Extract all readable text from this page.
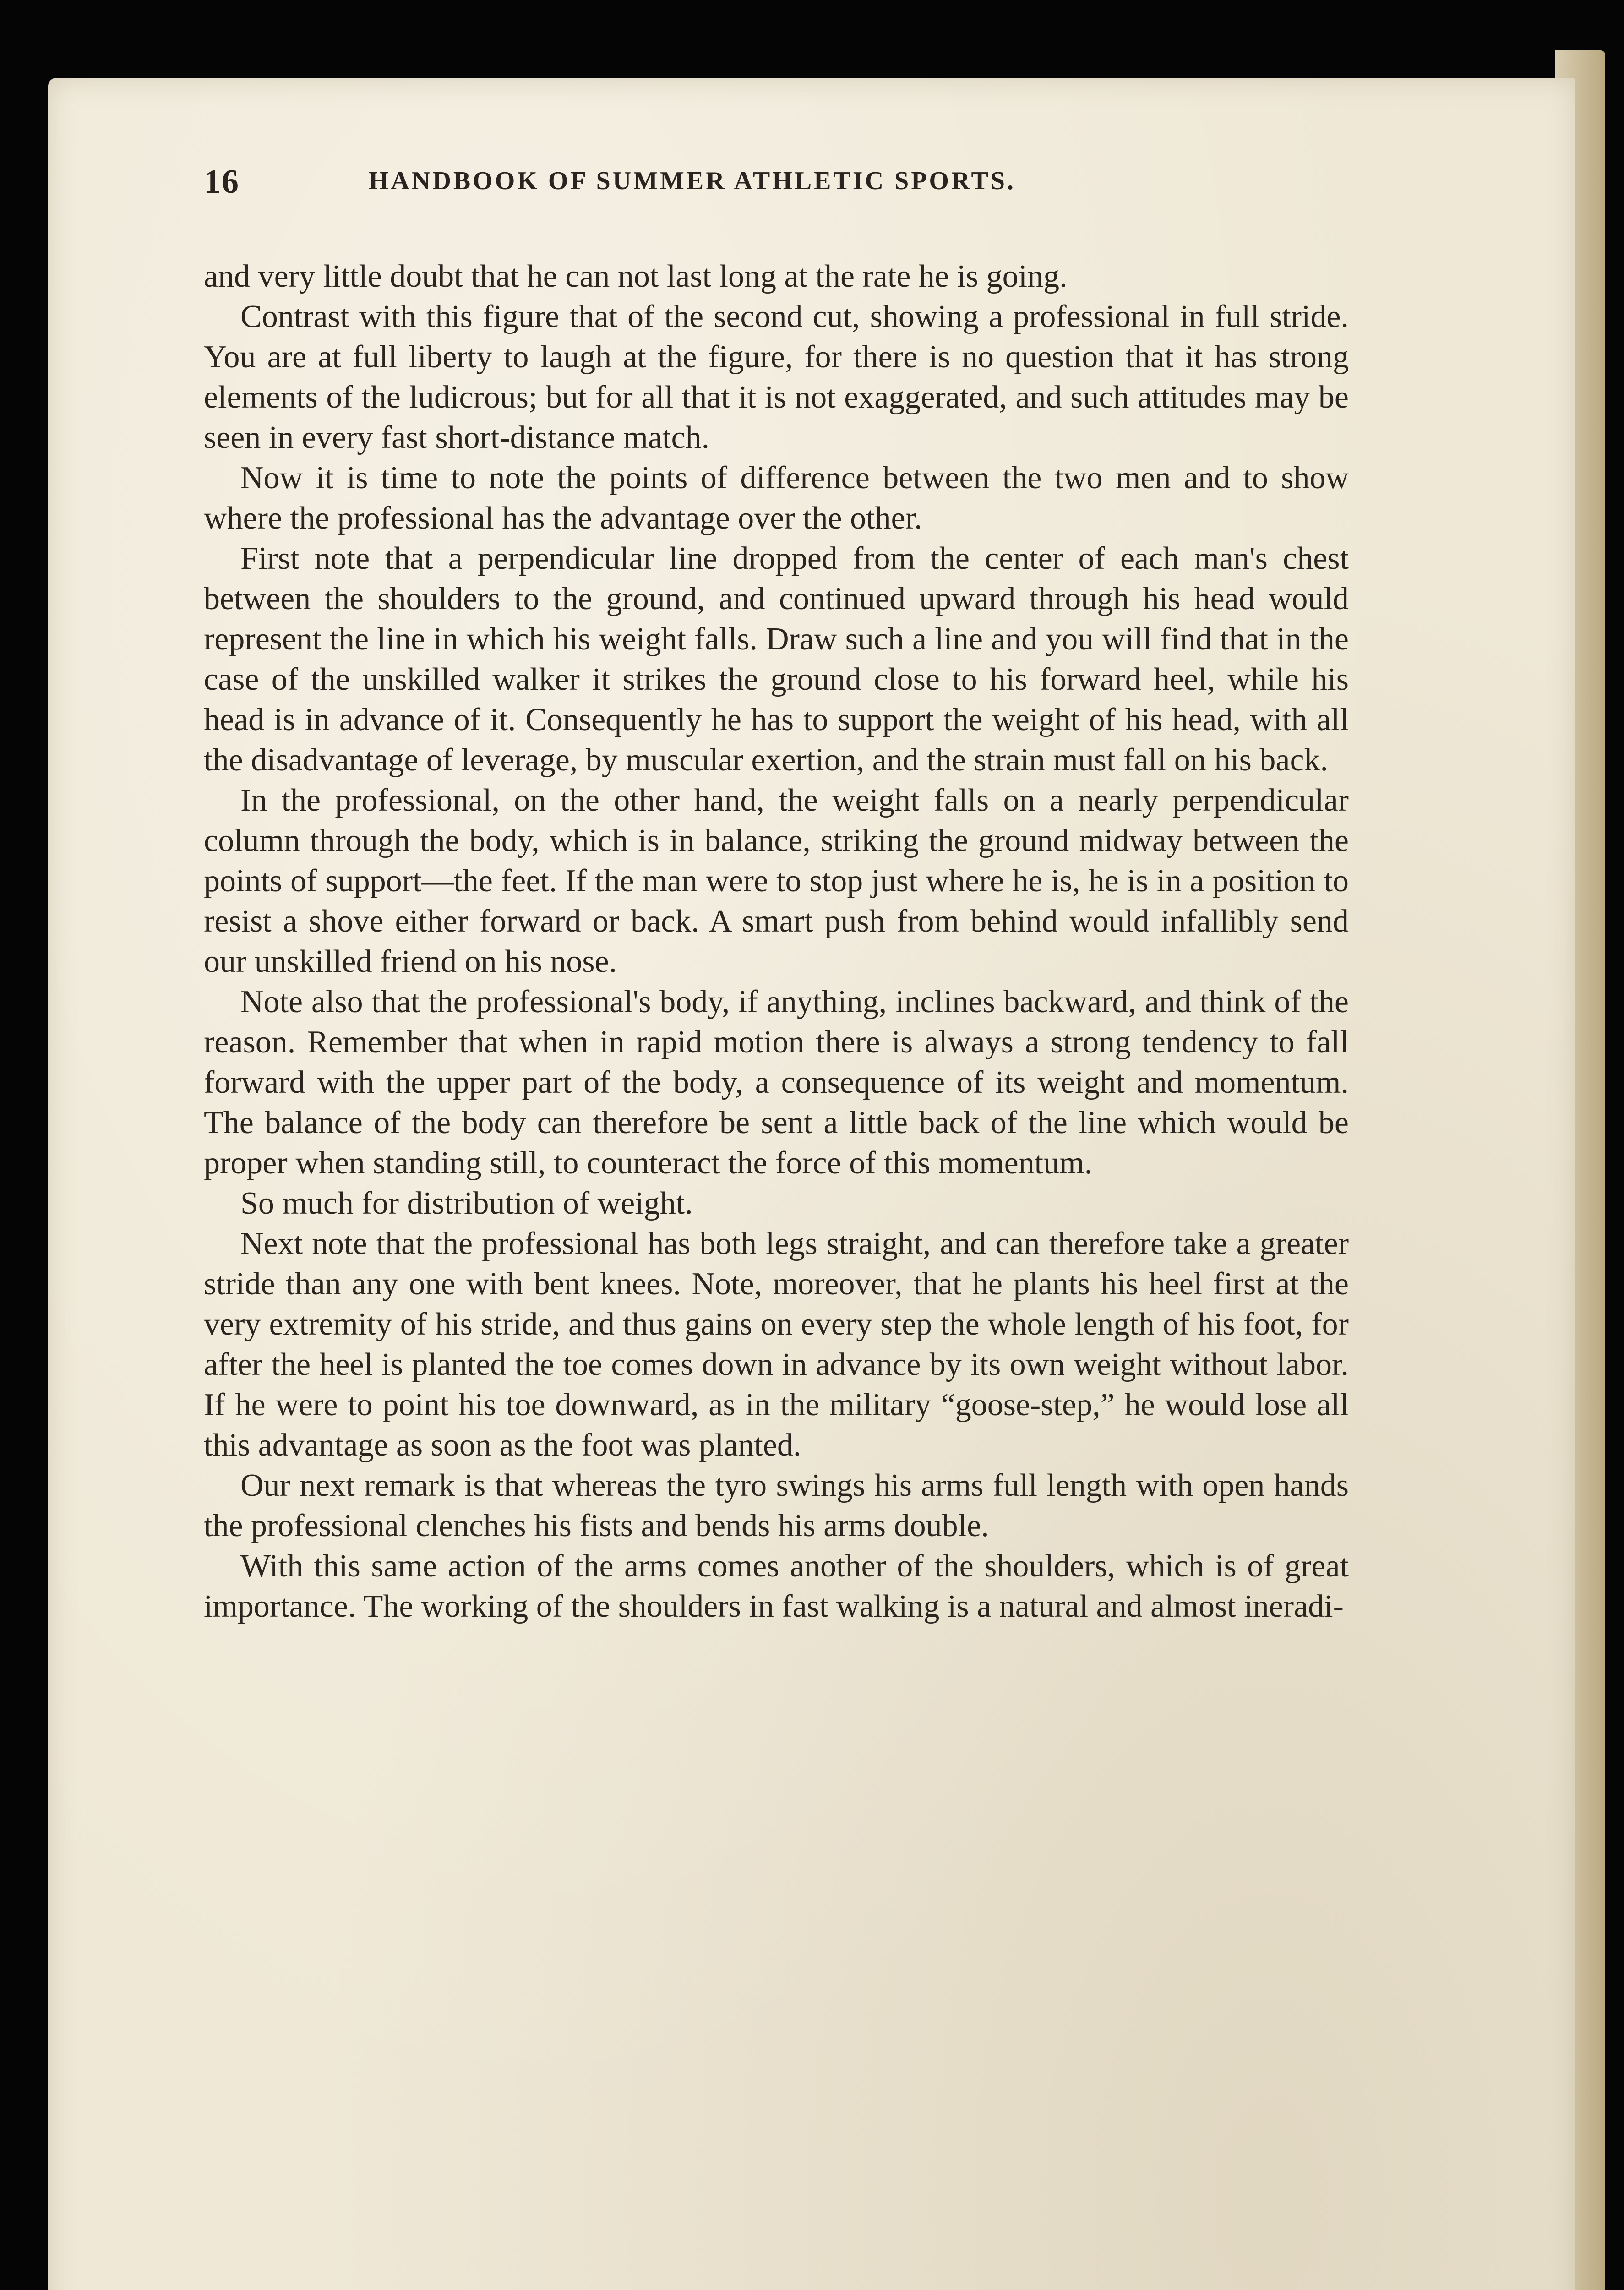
16	HANDBOOK OF SUMMER ATHLETIC SPORTS.

and very little doubt that he can not last long at the rate he is going.

Contrast with this figure that of the second cut, showing a professional in full stride. You are at full liberty to laugh at the figure, for there is no question that it has strong elements of the ludicrous; but for all that it is not exaggerated, and such attitudes may be seen in every fast short-distance match.

Now it is time to note the points of difference between the two men and to show where the professional has the advantage over the other.

First note that a perpendicular line dropped from the center of each man's chest between the shoulders to the ground, and continued upward through his head would represent the line in which his weight falls. Draw such a line and you will find that in the case of the unskilled walker it strikes the ground close to his forward heel, while his head is in advance of it. Consequently he has to support the weight of his head, with all the disadvantage of leverage, by muscular exertion, and the strain must fall on his back.

In the professional, on the other hand, the weight falls on a nearly perpendicular column through the body, which is in balance, striking the ground midway between the points of support—the feet. If the man were to stop just where he is, he is in a position to resist a shove either forward or back. A smart push from behind would infallibly send our unskilled friend on his nose.

Note also that the professional's body, if anything, inclines backward, and think of the reason. Remember that when in rapid motion there is always a strong tendency to fall forward with the upper part of the body, a consequence of its weight and momentum. The balance of the body can therefore be sent a little back of the line which would be proper when standing still, to counteract the force of this momentum.

So much for distribution of weight.

Next note that the professional has both legs straight, and can therefore take a greater stride than any one with bent knees. Note, moreover, that he plants his heel first at the very extremity of his stride, and thus gains on every step the whole length of his foot, for after the heel is planted the toe comes down in advance by its own weight without labor. If he were to point his toe downward, as in the military “goose-step,” he would lose all this advantage as soon as the foot was planted.

Our next remark is that whereas the tyro swings his arms full length with open hands the professional clenches his fists and bends his arms double.

With this same action of the arms comes another of the shoulders, which is of great importance. The working of the shoulders in fast walking is a natural and almost ineradi-
